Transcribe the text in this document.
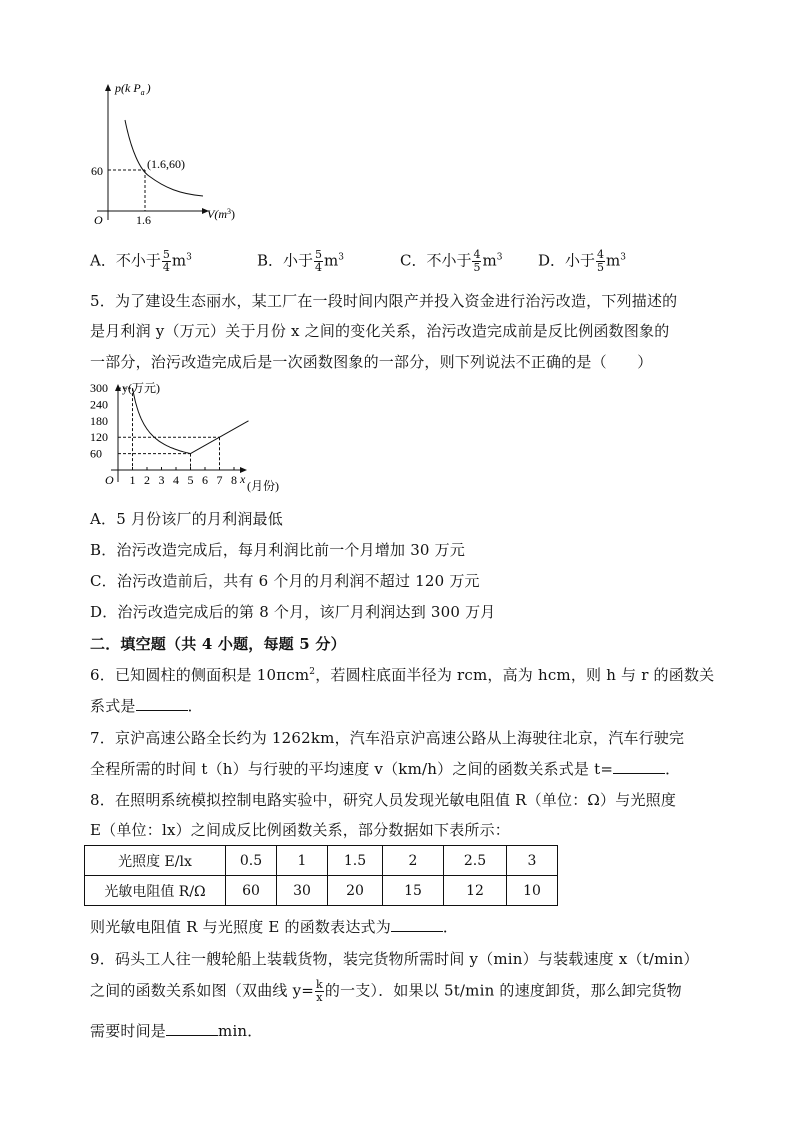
p(k $P_a$ )
$V(m^3)$
O
60
1.6
(1.6,60)
A．不小于 $\frac{5}{4} m^3$	B．小于 $\frac{5}{4} m^3$	C．不小于 $\frac{4}{5} m^3$ D．小于 $\frac{4}{5} m^3$
5．为了建设生态丽水，某工厂在一段时间内限产并投入资金进行治污改造，下列描述的
是月利润 y（万元）关于月份 x 之间的变化关系，治污改造完成前是反比例函数图象的
一部分，治污改造完成后是一次函数图象的一部分，则下列说法不正确的是（　　）
y(万元)
x (月份)
O
300
240
180
120
60
1 2 3 4 5 6 7 8
A．5 月份该厂的月利润最低
B．治污改造完成后，每月利润比前一个月增加 30 万元
C．治污改造前后，共有 6 个月的月利润不超过 120 万元
D．治污改造完成后的第 8 个月，该厂月利润达到 300 万月
二．填空题（共 4 小题，每题 5 分）
6．已知圆柱的侧面积是 10πcm$^2$，若圆柱底面半径为 rcm，高为 hcm，则 h 与 r 的函数关
系式是	．
7．京沪高速公路全长约为 1262km，汽车沿京沪高速公路从上海驶往北京，汽车行驶完
全程所需的时间 t（h）与行驶的平均速度 v（km/h）之间的函数关系式是 t=	．
8．在照明系统模拟控制电路实验中，研究人员发现光敏电阻值 R（单位：Ω）与光照度
E（单位：lx）之间成反比例函数关系，部分数据如下表所示：
光照度 E/lx	0.5	1	1.5	2	2.5	3
光敏电阻值 R/Ω	60	30	20	15	12	10
则光敏电阻值 R 与光照度 E 的函数表达式为	．
9．码头工人往一艘轮船上装载货物，装完货物所需时间 y（min）与装载速度 x（t/min）
之间的函数关系如图（双曲线 $y= \frac{k}{x}$ 的一支）．如果以 5t/min 的速度卸货，那么卸完货物
需要时间是	min．
